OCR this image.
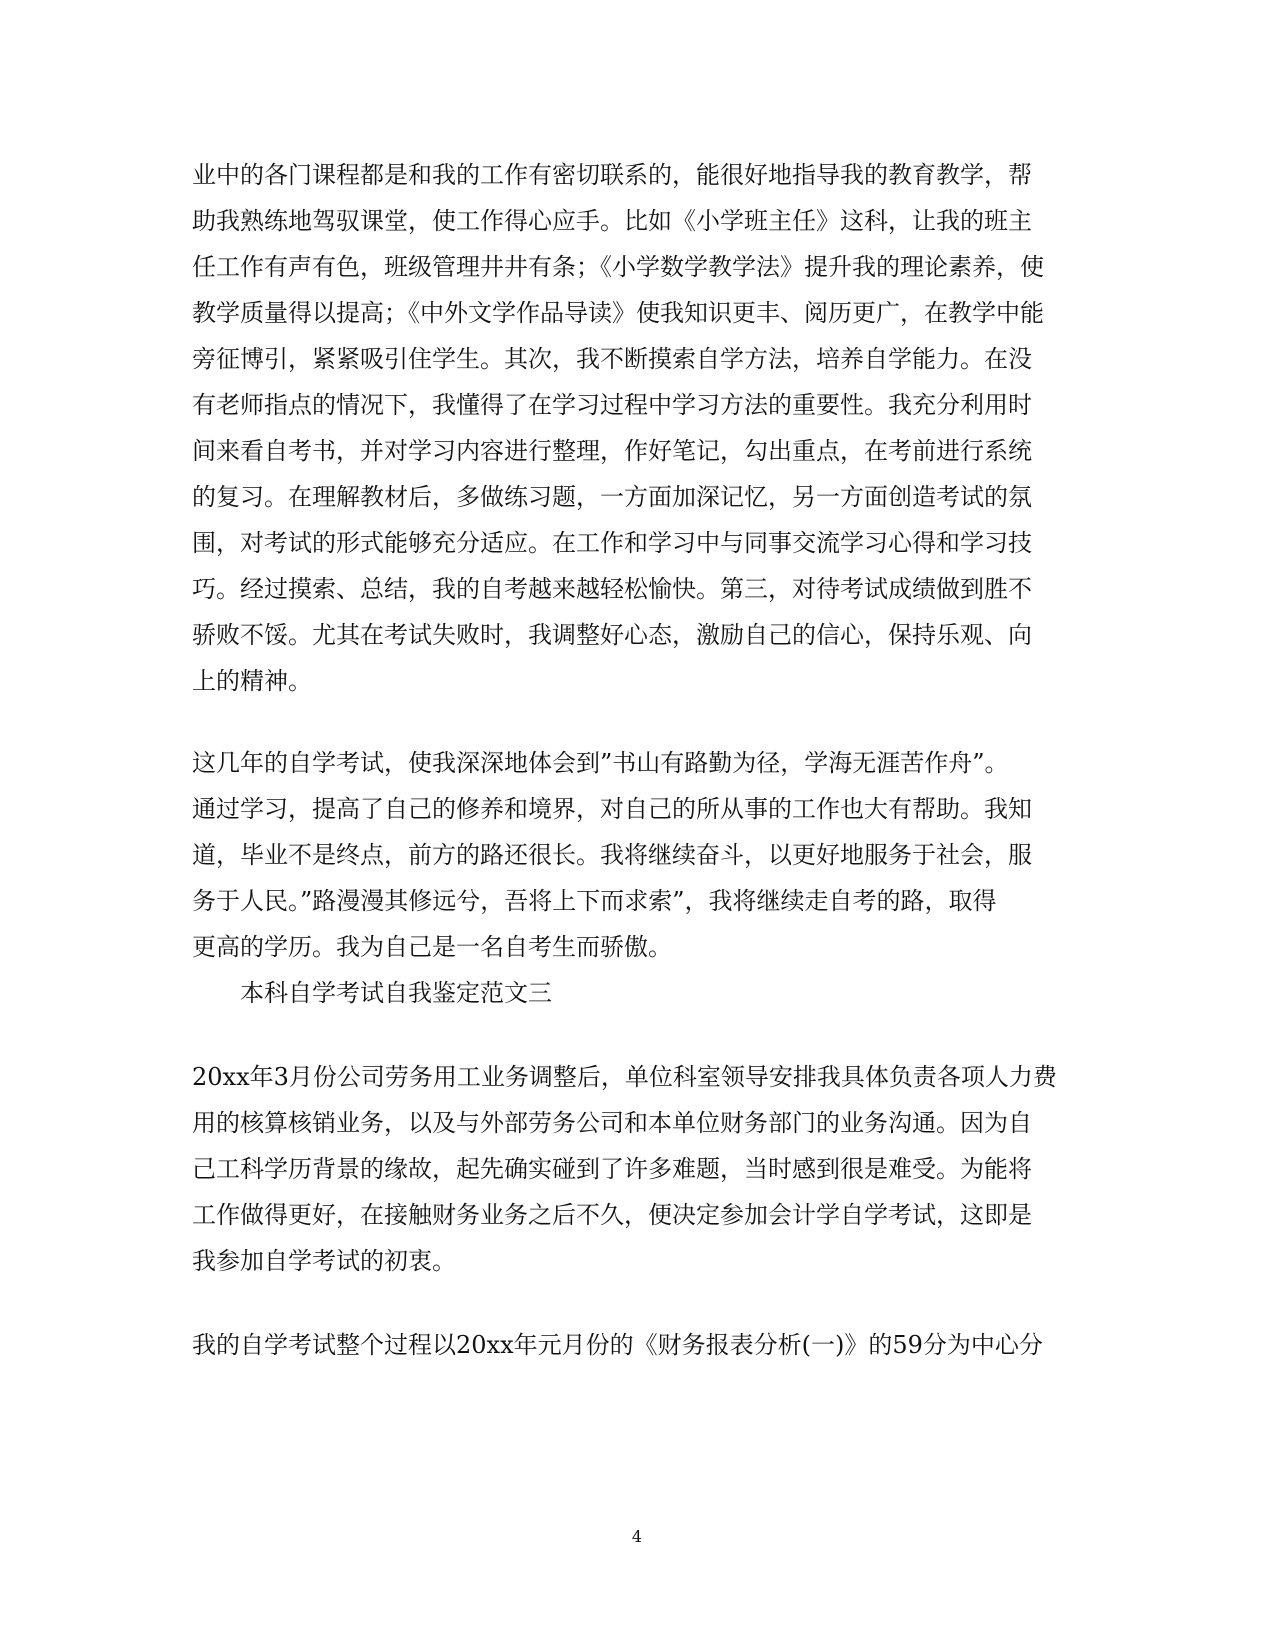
业中的各门课程都是和我的工作有密切联系的，能很好地指导我的教育教学，帮
助我熟练地驾驭课堂，使工作得心应手。比如《小学班主任》这科，让我的班主
任工作有声有色，班级管理井井有条；《小学数学教学法》提升我的理论素养，使
教学质量得以提高；《中外文学作品导读》使我知识更丰、阅历更广，在教学中能
旁征博引，紧紧吸引住学生。其次，我不断摸索自学方法，培养自学能力。在没
有老师指点的情况下，我懂得了在学习过程中学习方法的重要性。我充分利用时
间来看自考书，并对学习内容进行整理，作好笔记，勾出重点，在考前进行系统
的复习。在理解教材后，多做练习题，一方面加深记忆，另一方面创造考试的氛
围，对考试的形式能够充分适应。在工作和学习中与同事交流学习心得和学习技
巧。经过摸索、总结，我的自考越来越轻松愉快。第三，对待考试成绩做到胜不
骄败不馁。尤其在考试失败时，我调整好心态，激励自己的信心，保持乐观、向
上的精神。
这几年的自学考试，使我深深地体会到”书山有路勤为径，学海无涯苦作舟”。
通过学习，提高了自己的修养和境界，对自己的所从事的工作也大有帮助。我知
道，毕业不是终点，前方的路还很长。我将继续奋斗，以更好地服务于社会，服
务于人民。”路漫漫其修远兮，吾将上下而求索”，我将继续走自考的路，取得
更高的学历。我为自己是一名自考生而骄傲。
本科自学考试自我鉴定范文三
20xx年3月份公司劳务用工业务调整后，单位科室领导安排我具体负责各项人力费
用的核算核销业务，以及与外部劳务公司和本单位财务部门的业务沟通。因为自
己工科学历背景的缘故，起先确实碰到了许多难题，当时感到很是难受。为能将
工作做得更好，在接触财务业务之后不久，便决定参加会计学自学考试，这即是
我参加自学考试的初衷。
我的自学考试整个过程以20xx年元月份的《财务报表分析(一)》的59分为中心分
4
